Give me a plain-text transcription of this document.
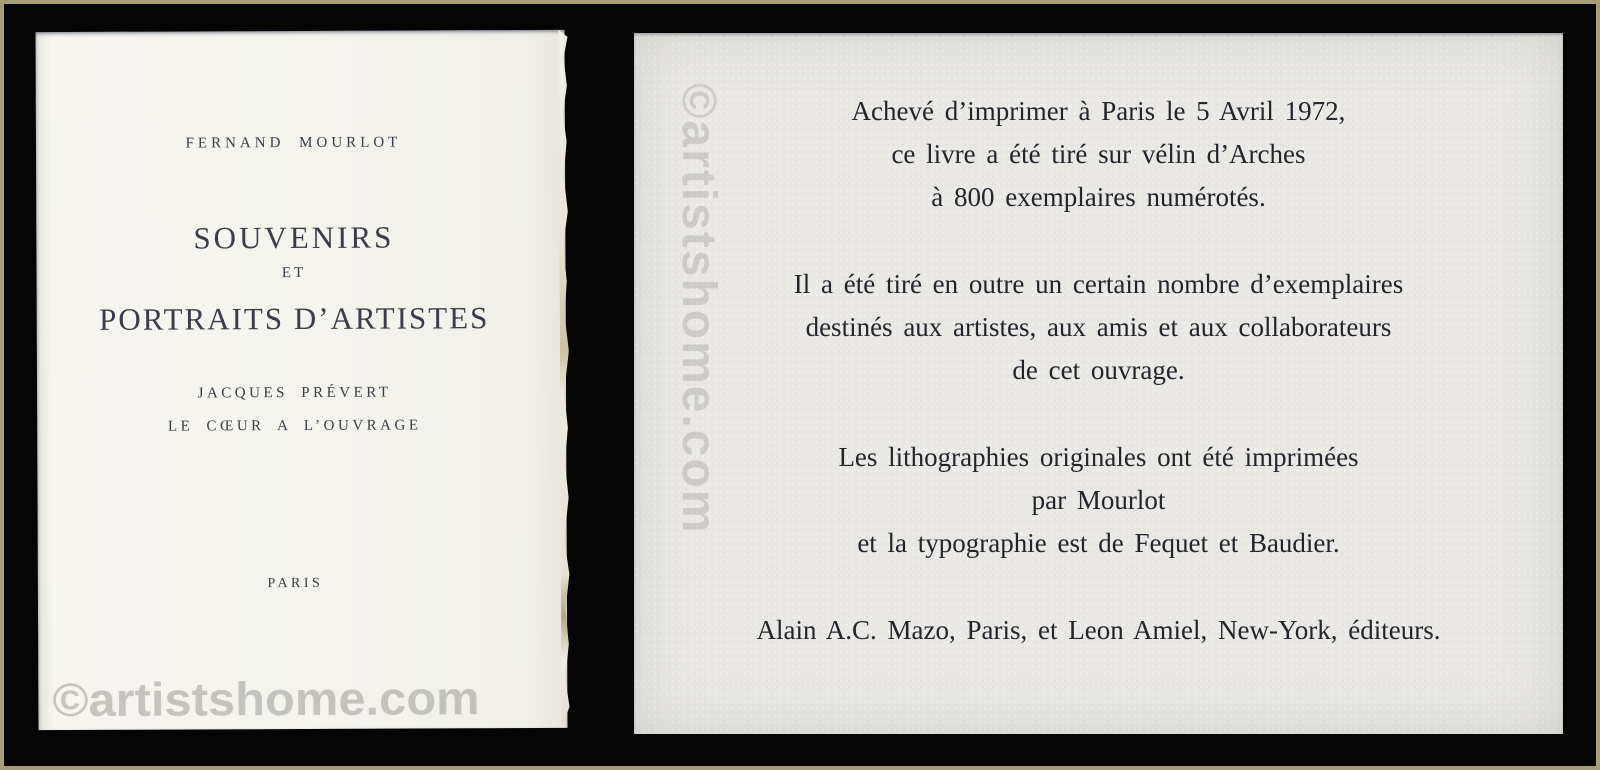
FERNAND MOURLOT
SOUVENIRS
ET
PORTRAITS D’ARTISTES
JACQUES PRÉVERT
LE CŒUR A L’OUVRAGE
PARIS
©artistshome.com
©artistshome.com	Achevé d’imprimer à Paris le 5 Avril 1972,
ce livre a été tiré sur vélin d’Arches
à 800 exemplaires numérotés.

Il a été tiré en outre un certain nombre d’exemplaires
destinés aux artistes, aux amis et aux collaborateurs
de cet ouvrage.

Les lithographies originales ont été imprimées
par Mourlot
et la typographie est de Fequet et Baudier.

Alain A.C. Mazo, Paris, et Leon Amiel, New-York, éditeurs.
